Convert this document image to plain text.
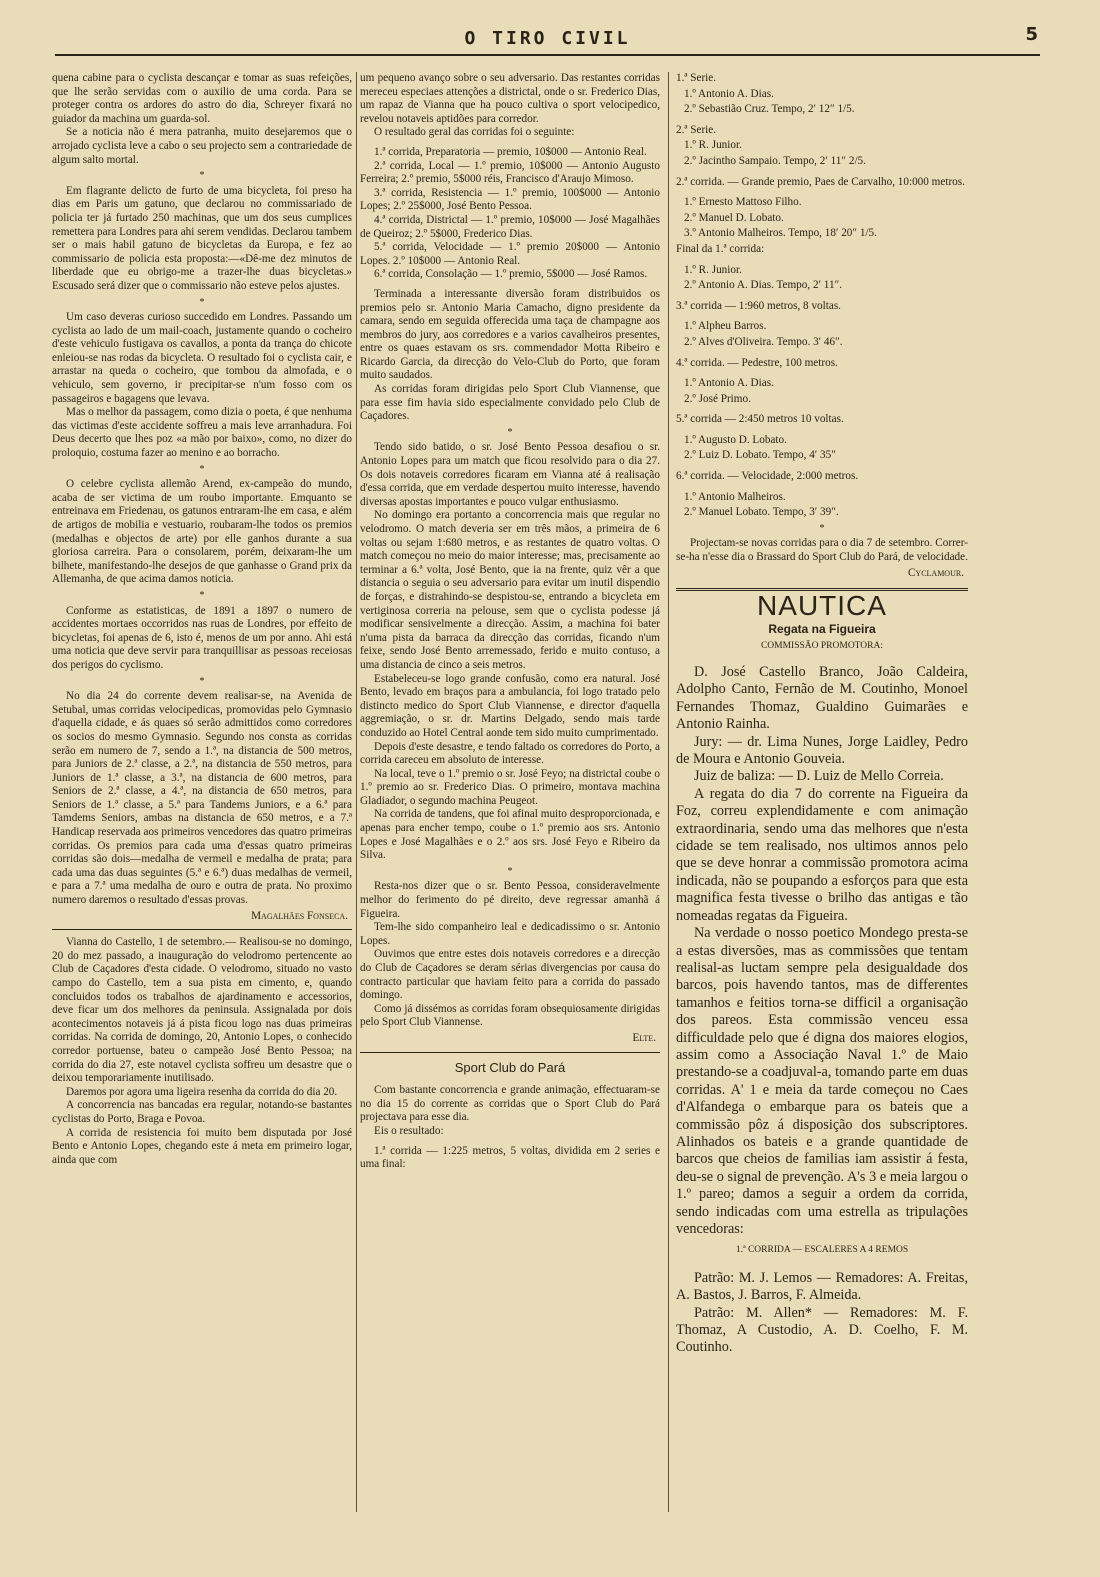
O TIRO CIVIL	5

quena cabine para o cyclista descançar e tomar as suas refeições, que lhe serão servidas com o auxilio de uma corda. Para se proteger contra os ardores do astro do dia, Schreyer fixará no guiador da machina um guarda-sol.

Se a noticia não é mera patranha, muito desejaremos que o arrojado cyclista leve a cabo o seu projecto sem a contrariedade de algum salto mortal.

*

Em flagrante delicto de furto de uma bicycleta, foi preso ha dias em Paris um gatuno, que declarou no commissariado de policia ter já furtado 250 machinas, que um dos seus cumplices remettera para Londres para ahi serem vendidas. Declarou tambem ser o mais habil gatuno de bicycletas da Europa, e fez ao commissario de policia esta proposta:—«Dê-me dez minutos de liberdade que eu obrigo-me a trazer-lhe duas bicycletas.» Escusado será dizer que o commissario não esteve pelos ajustes.

*

Um caso deveras curioso succedido em Londres. Passando um cyclista ao lado de um mail-coach, justamente quando o cocheiro d'este vehiculo fustigava os cavallos, a ponta da trança do chicote enleiou-se nas rodas da bicycleta. O resultado foi o cyclista cair, e arrastar na queda o cocheiro, que tombou da almofada, e o vehiculo, sem governo, ir precipitar-se n'um fosso com os passageiros e bagagens que levava.

Mas o melhor da passagem, como dizia o poeta, é que nenhuma das victimas d'este accidente soffreu a mais leve arranhadura. Foi Deus decerto que lhes poz «a mão por baixo», como, no dizer do proloquio, costuma fazer ao menino e ao borracho.

*

O celebre cyclista allemão Arend, ex-campeão do mundo, acaba de ser victima de um roubo importante. Emquanto se entreinava em Friedenau, os gatunos entraram-lhe em casa, e além de artigos de mobilia e vestuario, roubaram-lhe todos os premios (medalhas e objectos de arte) por elle ganhos durante a sua gloriosa carreira. Para o consolarem, porém, deixaram-lhe um bilhete, manifestando-lhe desejos de que ganhasse o Grand prix da Allemanha, de que acima damos noticia.

*

Conforme as estatisticas, de 1891 a 1897 o numero de accidentes mortaes occorridos nas ruas de Londres, por effeito de bicycletas, foi apenas de 6, isto é, menos de um por anno. Ahi está uma noticia que deve servir para tranquillisar as pessoas receiosas dos perigos do cyclismo.

*

No dia 24 do corrente devem realisar-se, na Avenida de Setubal, umas corridas velocipedicas, promovidas pelo Gymnasio d'aquella cidade, e ás quaes só serão admittidos como corredores os socios do mesmo Gymnasio. Segundo nos consta as corridas serão em numero de 7, sendo a 1.ª, na distancia de 500 metros, para Juniors de 2.ª classe, a 2.ª, na distancia de 550 metros, para Juniors de 1.ª classe, a 3.ª, na distancia de 600 metros, para Seniors de 2.ª classe, a 4.ª, na distancia de 650 metros, para Seniors de 1.ª classe, a 5.ª para Tandems Juniors, e a 6.ª para Tamdems Seniors, ambas na distancia de 650 metros, e a 7.ª Handicap reservada aos primeiros vencedores das quatro primeiras corridas. Os premios para cada uma d'essas quatro primeiras corridas são dois—medalha de vermeil e medalha de prata; para cada uma das duas seguintes (5.ª e 6.ª) duas medalhas de vermeil, e para a 7.ª uma medalha de ouro e outra de prata. No proximo numero daremos o resultado d'essas provas.

Magalhães Fonseca.

Vianna do Castello, 1 de setembro.— Realisou-se no domingo, 20 do mez passado, a inauguração do velodromo pertencente ao Club de Caçadores d'esta cidade. O velodromo, situado no vasto campo do Castello, tem a sua pista em cimento, e, quando concluidos todos os trabalhos de ajardinamento e accessorios, deve ficar um dos melhores da peninsula. Assignalada por dois acontecimentos notaveis já á pista ficou logo nas duas primeiras corridas. Na corrida de domingo, 20, Antonio Lopes, o conhecido corredor portuense, bateu o campeão José Bento Pessoa; na corrida do dia 27, este notavel cyclista soffreu um desastre que o deixou temporariamente inutilisado.

Daremos por agora uma ligeira resenha da corrida do dia 20.

A concorrencia nas bancadas era regular, notando-se bastantes cyclistas do Porto, Braga e Povoa.

A corrida de resistencia foi muito bem disputada por José Bento e Antonio Lopes, chegando este á meta em primeiro logar, ainda que com

um pequeno avanço sobre o seu adversario. Das restantes corridas mereceu especiaes attenções a districtal, onde o sr. Frederico Dias, um rapaz de Vianna que ha pouco cultiva o sport velocipedico, revelou notaveis aptidões para corredor.

O resultado geral das corridas foi o seguinte:

1.ª corrida, Preparatoria — premio, 10$000 — Antonio Real.

2.ª corrida, Local — 1.º premio, 10$000 — Antonio Augusto Ferreira; 2.º premio, 5$000 réis, Francisco d'Araujo Mimoso.

3.ª corrida, Resistencia — 1.º premio, 100$000 — Antonio Lopes; 2.º 25$000, José Bento Pessoa.

4.ª corrida, Districtal — 1.º premio, 10$000 — José Magalhães de Queiroz; 2.º 5$000, Frederico Dias.

5.ª corrida, Velocidade — 1.º premio 20$000 — Antonio Lopes. 2.º 10$000 — Antonio Real.

6.ª corrida, Consolação — 1.º premio, 5$000 — José Ramos.

Terminada a interessante diversão foram distribuidos os premios pelo sr. Antonio Maria Camacho, digno presidente da camara, sendo em seguida offerecida uma taça de champagne aos membros do jury, aos corredores e a varios cavalheiros presentes, entre os quaes estavam os srs. commendador Motta Ribeiro e Ricardo Garcia, da direcção do Velo-Club do Porto, que foram muito saudados.

As corridas foram dirigidas pelo Sport Club Viannense, que para esse fim havia sido especialmente convidado pelo Club de Caçadores.

*

Tendo sido batido, o sr. José Bento Pessoa desafiou o sr. Antonio Lopes para um match que ficou resolvido para o dia 27. Os dois notaveis corredores ficaram em Vianna até á realisação d'essa corrida, que em verdade despertou muito interesse, havendo diversas apostas importantes e pouco vulgar enthusiasmo.

No domingo era portanto a concorrencia mais que regular no velodromo. O match deveria ser em três mãos, a primeira de 6 voltas ou sejam 1:680 metros, e as restantes de quatro voltas. O match começou no meio do maior interesse; mas, precisamente ao terminar a 6.ª volta, José Bento, que ia na frente, quiz vêr a que distancia o seguia o seu adversario para evitar um inutil dispendio de forças, e distrahindo-se despistou-se, entrando a bicycleta em vertiginosa correria na pelouse, sem que o cyclista podesse já modificar sensivelmente a direcção. Assim, a machina foi bater n'uma pista da barraca da direcção das corridas, ficando n'um feixe, sendo José Bento arremessado, ferido e muito contuso, a uma distancia de cinco a seis metros.

Estabeleceu-se logo grande confusão, como era natural. José Bento, levado em braços para a ambulancia, foi logo tratado pelo distincto medico do Sport Club Viannense, e director d'aquella aggremiação, o sr. dr. Martins Delgado, sendo mais tarde conduzido ao Hotel Central aonde tem sido muito cumprimentado.

Depois d'este desastre, e tendo faltado os corredores do Porto, a corrida careceu em absoluto de interesse.

Na local, teve o 1.º premio o sr. José Feyo; na districtal coube o 1.º premio ao sr. Frederico Dias. O primeiro, montava machina Gladiador, o segundo machina Peugeot.

Na corrida de tandens, que foi afinal muito desproporcionada, e apenas para encher tempo, coube o 1.º premio aos srs. Antonio Lopes e José Magalhães e o 2.º aos srs. José Feyo e Ribeiro da Silva.

*

Resta-nos dizer que o sr. Bento Pessoa, consideravelmente melhor do ferimento do pé direito, deve regressar amanhã á Figueira.

Tem-lhe sido companheiro leal e dedicadissimo o sr. Antonio Lopes.

Ouvimos que entre estes dois notaveis corredores e a direcção do Club de Caçadores se deram sérias divergencias por causa do contracto particular que haviam feito para a corrida do passado domingo.

Como já dissémos as corridas foram obsequiosamente dirigidas pelo Sport Club Viannense.

Elte.
Sport Club do Pará

Com bastante concorrencia e grande animação, effectuaram-se no dia 15 do corrente as corridas que o Sport Club do Pará projectava para esse dia.

Eis o resultado:

1.ª corrida — 1:225 metros, 5 voltas, dividida em 2 series e uma final:

1.ª Serie.

1.º Antonio A. Dias.

2.º Sebastião Cruz. Tempo, 2′ 12″ 1/5.

2.ª Serie.

1.º R. Junior.

2.º Jacintho Sampaio. Tempo, 2′ 11″ 2/5.

2.ª corrida. — Grande premio, Paes de Carvalho, 10:000 metros.

1.º Ernesto Mattoso Filho.

2.º Manuel D. Lobato.

3.º Antonio Malheiros. Tempo, 18′ 20″ 1/5.

Final da 1.ª corrida:

1.º R. Junior.

2.º Antonio A. Dias. Tempo, 2′ 11″.

3.ª corrida — 1:960 metros, 8 voltas.

1.º Alpheu Barros.

2.º Alves d'Oliveira. Tempo. 3′ 46″.

4.ª corrida. — Pedestre, 100 metros.

1.º Antonio A. Dias.

2.º José Primo.

5.ª corrida — 2:450 metros 10 voltas.

1.º Augusto D. Lobato.

2.º Luiz D. Lobato. Tempo, 4′ 35″

6.ª corrida. — Velocidade, 2:000 metros.

1.º Antonio Malheiros.

2.º Manuel Lobato. Tempo, 3′ 39″.

*

Projectam-se novas corridas para o dia 7 de setembro. Correr-se-ha n'esse dia o Brassard do Sport Club do Pará, de velocidade.

Cyclamour.
NAUTICA
Regata na Figueira
COMMISSÃO PROMOTORA:

D. José Castello Branco, João Caldeira, Adolpho Canto, Fernão de M. Coutinho, Monoel Fernandes Thomaz, Gualdino Guimarães e Antonio Rainha.

Jury: — dr. Lima Nunes, Jorge Laidley, Pedro de Moura e Antonio Gouveia.

Juiz de baliza: — D. Luiz de Mello Correia.

A regata do dia 7 do corrente na Figueira da Foz, correu explendidamente e com animação extraordinaria, sendo uma das melhores que n'esta cidade se tem realisado, nos ultimos annos pelo que se deve honrar a commissão promotora acima indicada, não se poupando a esforços para que esta magnifica festa tivesse o brilho das antigas e tão nomeadas regatas da Figueira.

Na verdade o nosso poetico Mondego presta-se a estas diversões, mas as commissões que tentam realisal-as luctam sempre pela desigualdade dos barcos, pois havendo tantos, mas de differentes tamanhos e feitios torna-se difficil a organisação dos pareos. Esta commissão venceu essa difficuldade pelo que é digna dos maiores elogios, assim como a Associação Naval 1.º de Maio prestando-se a coadjuval-a, tomando parte em duas corridas. A' 1 e meia da tarde começou no Caes d'Alfandega o embarque para os bateis que a commissão pôz á disposição dos subscriptores. Alinhados os bateis e a grande quantidade de barcos que cheios de familias iam assistir á festa, deu-se o signal de prevenção. A's 3 e meia largou o 1.º pareo; damos a seguir a ordem da corrida, sendo indicadas com uma estrella as tripulações vencedoras:

1.ª CORRIDA — ESCALERES A 4 REMOS

Patrão: M. J. Lemos — Remadores: A. Freitas, A. Bastos, J. Barros, F. Almeida.

Patrão: M. Allen* — Remadores: M. F. Thomaz, A Custodio, A. D. Coelho, F. M. Coutinho.
